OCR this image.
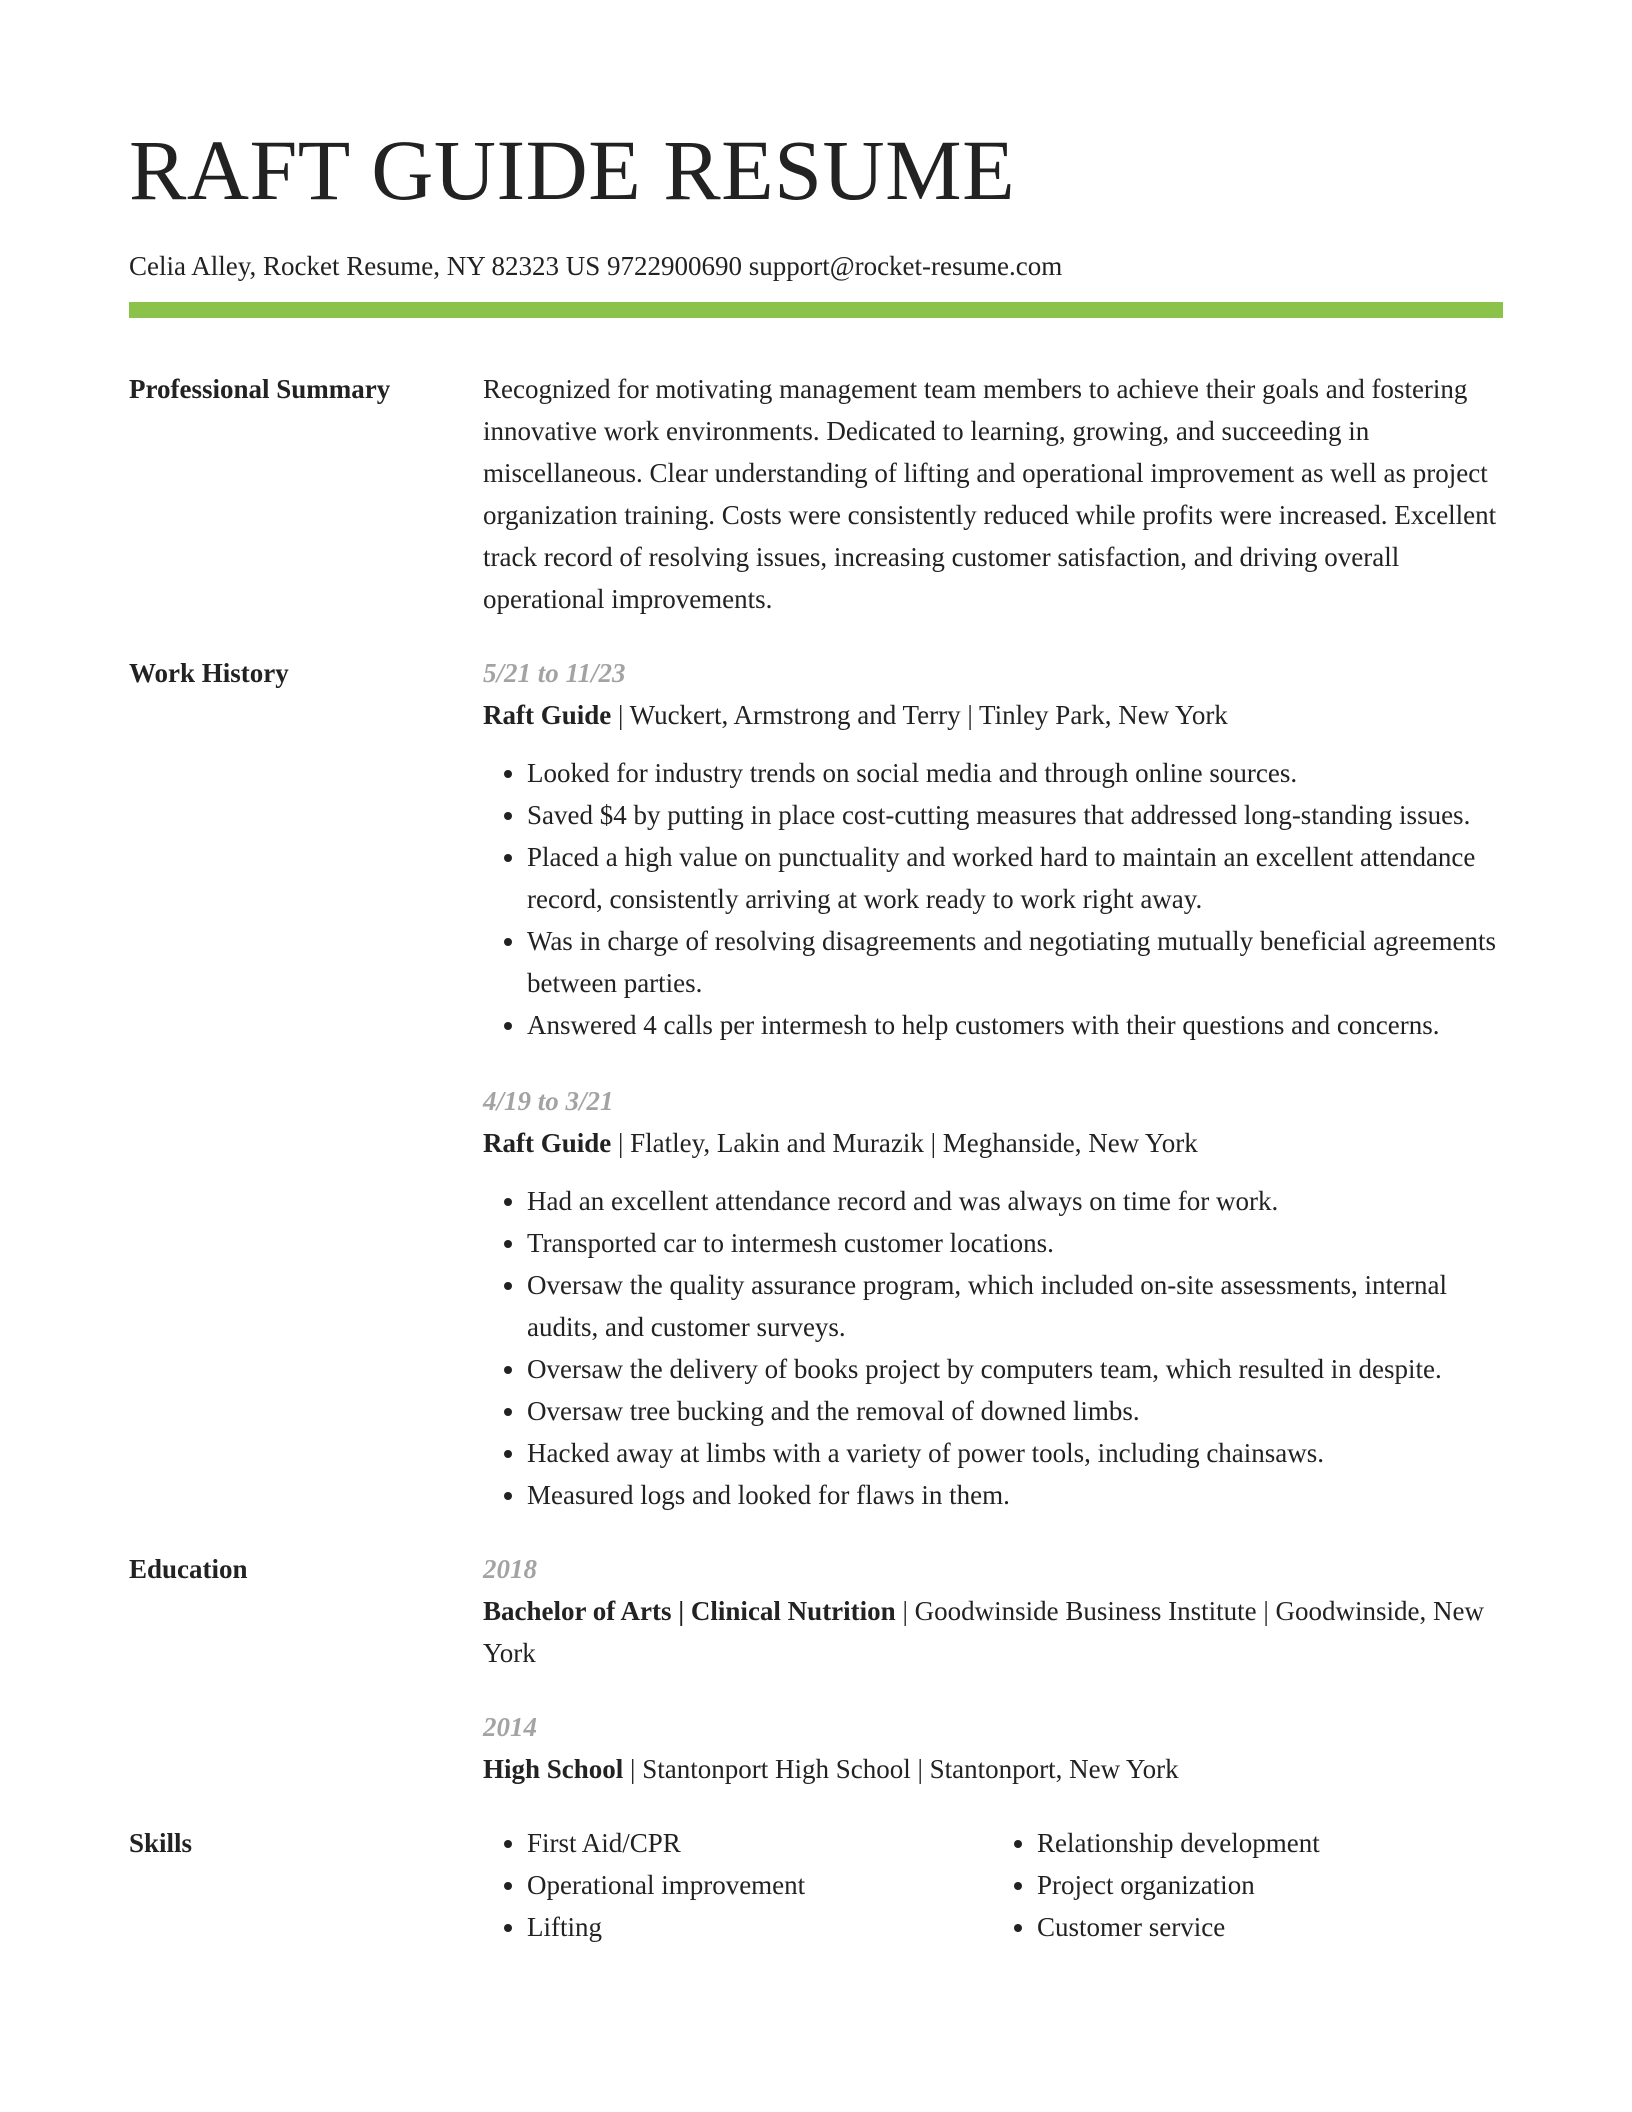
RAFT GUIDE RESUME
Celia Alley, Rocket Resume, NY 82323 US 9722900690 support@rocket-resume.com
Professional Summary	Recognized for motivating management team members to achieve their goals and fostering innovative work environments. Dedicated to learning, growing, and succeeding in miscellaneous. Clear understanding of lifting and operational improvement as well as project organization training. Costs were consistently reduced while profits were increased. Excellent track record of resolving issues, increasing customer satisfaction, and driving overall operational improvements.
Work History	5/21 to 11/23
Raft Guide | Wuckert, Armstrong and Terry | Tinley Park, New York
• Looked for industry trends on social media and through online sources.
• Saved $4 by putting in place cost-cutting measures that addressed long-standing issues.
• Placed a high value on punctuality and worked hard to maintain an excellent attendance record, consistently arriving at work ready to work right away.
• Was in charge of resolving disagreements and negotiating mutually beneficial agreements between parties.
• Answered 4 calls per intermesh to help customers with their questions and concerns.
4/19 to 3/21
Raft Guide | Flatley, Lakin and Murazik | Meghanside, New York
• Had an excellent attendance record and was always on time for work.
• Transported car to intermesh customer locations.
• Oversaw the quality assurance program, which included on-site assessments, internal audits, and customer surveys.
• Oversaw the delivery of books project by computers team, which resulted in despite.
• Oversaw tree bucking and the removal of downed limbs.
• Hacked away at limbs with a variety of power tools, including chainsaws.
• Measured logs and looked for flaws in them.
Education	2018
Bachelor of Arts | Clinical Nutrition | Goodwinside Business Institute | Goodwinside, New York
2014
High School | Stantonport High School | Stantonport, New York
Skills
•	First Aid/CPR
• Operational improvement
• Lifting
• Relationship development
• Project organization
• Customer service
